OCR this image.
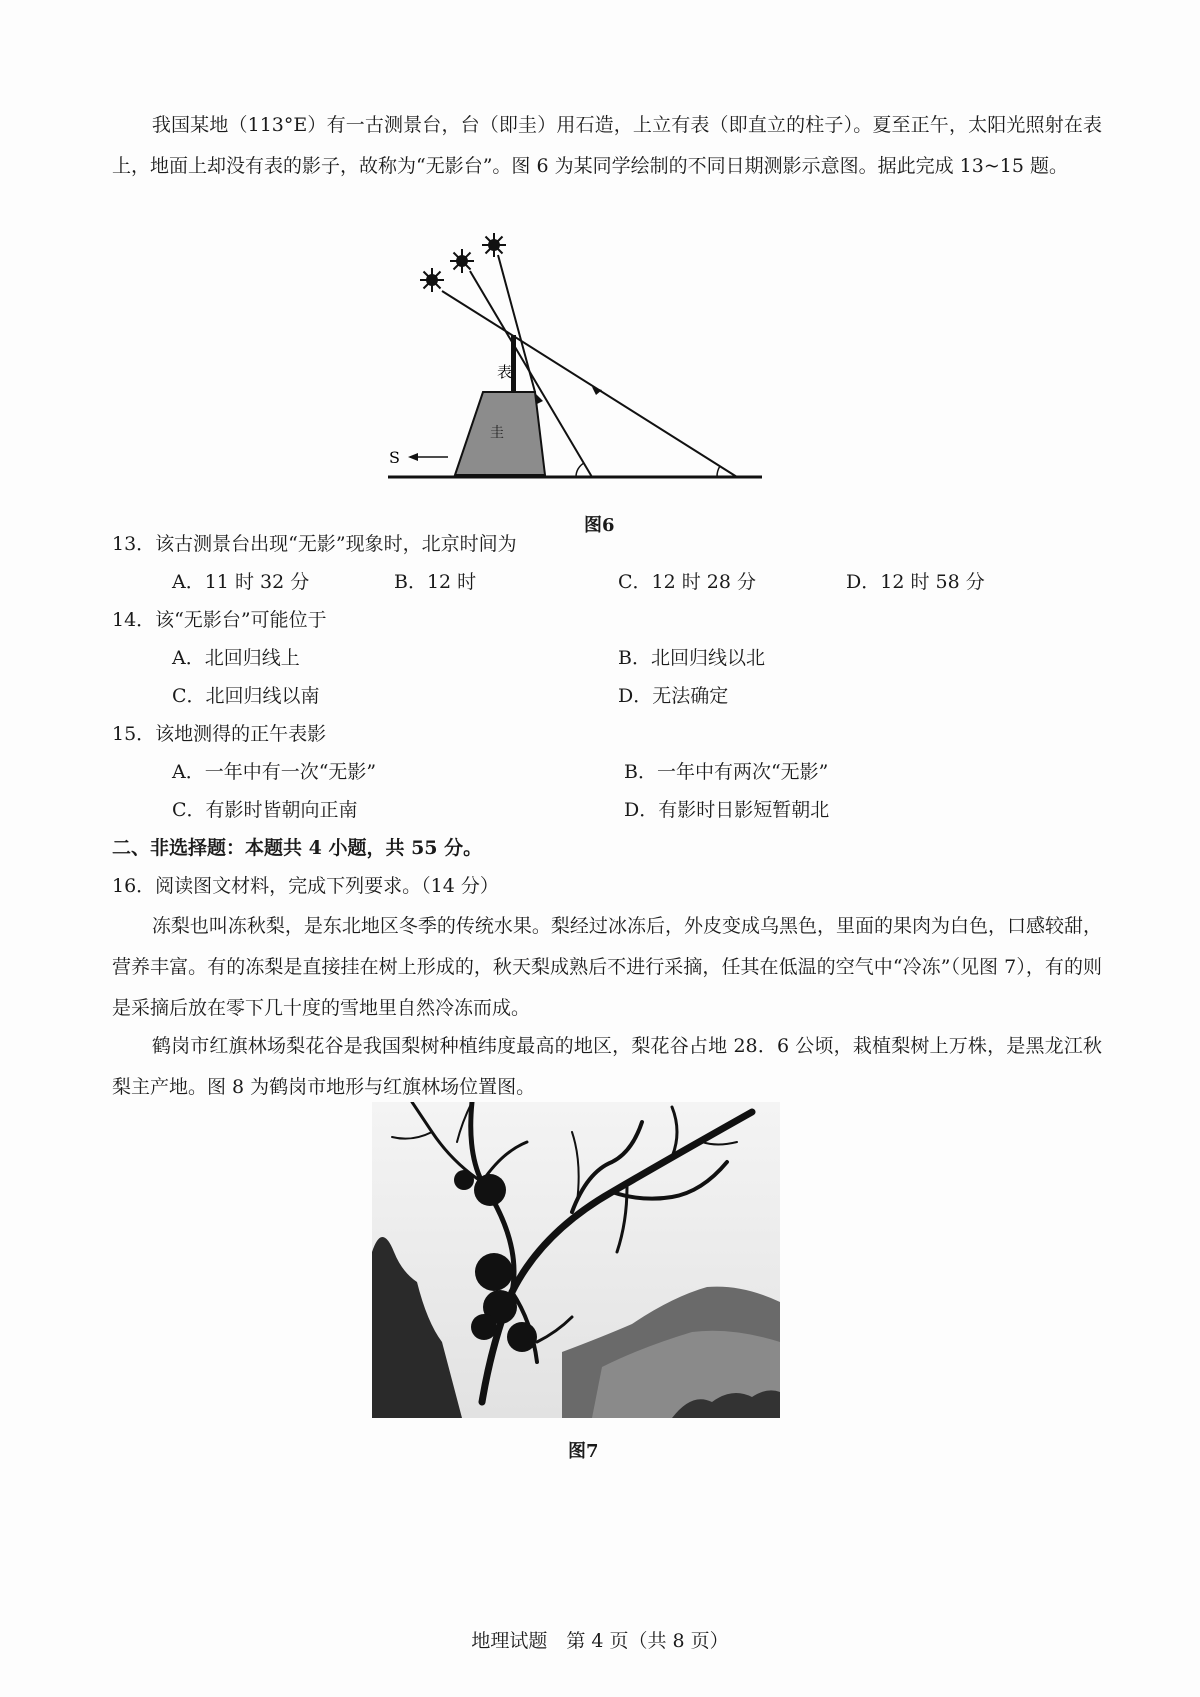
我国某地（113°E）有一古测景台，台（即圭）用石造，上立有表（即直立的柱子）。夏至正午，太阳光照射在表上，地面上却没有表的影子，故称为“无影台”。图 6 为某同学绘制的不同日期测影示意图。据此完成 13~15 题。
S
表
圭
图6
13．该古测景台出现“无影”现象时，北京时间为
A．11 时 32 分	B．12 时	C．12 时 28 分	D．12 时 58 分
14．该“无影台”可能位于
A．北回归线上	B．北回归线以北
C．北回归线以南	D．无法确定
15．该地测得的正午表影
A．一年中有一次“无影”	B．一年中有两次“无影”
C．有影时皆朝向正南	D．有影时日影短暂朝北
二、非选择题：本题共 4 小题，共 55 分。
16．阅读图文材料，完成下列要求。（14 分）
冻梨也叫冻秋梨，是东北地区冬季的传统水果。梨经过冰冻后，外皮变成乌黑色，里面的果肉为白色，口感较甜，营养丰富。有的冻梨是直接挂在树上形成的，秋天梨成熟后不进行采摘，任其在低温的空气中“冷冻”（见图 7），有的则是采摘后放在零下几十度的雪地里自然冷冻而成。
鹤岗市红旗林场梨花谷是我国梨树种植纬度最高的地区，梨花谷占地 28．6 公顷，栽植梨树上万株，是黑龙江秋梨主产地。图 8 为鹤岗市地形与红旗林场位置图。
图7
地理试题　第 4 页（共 8 页）
